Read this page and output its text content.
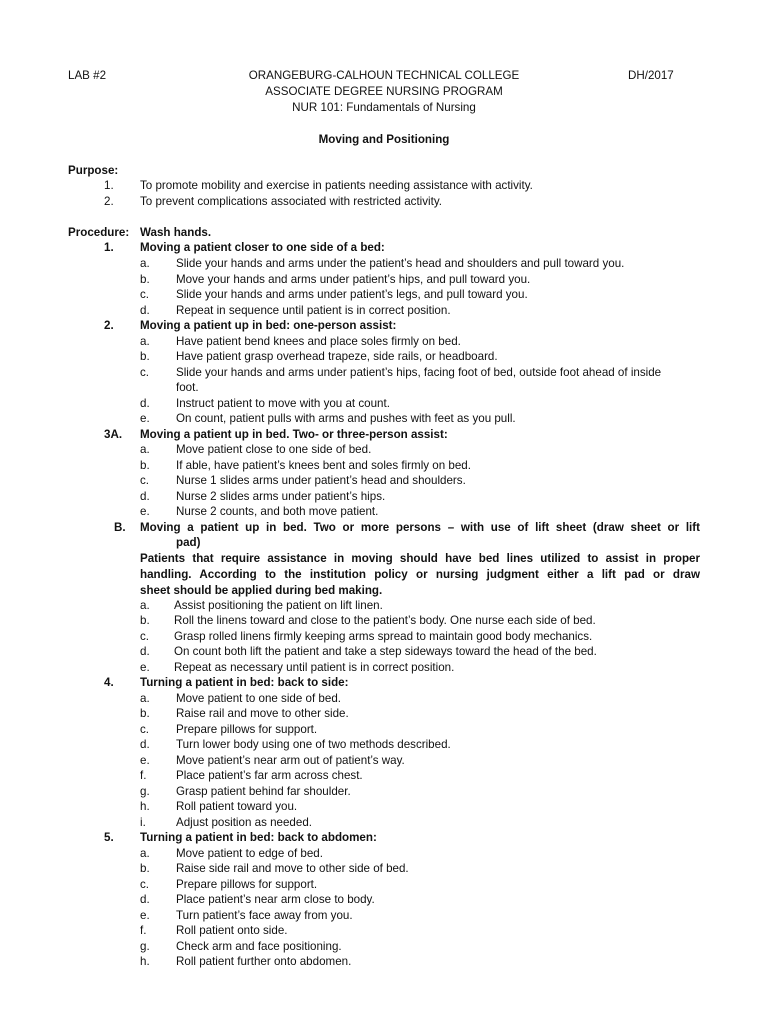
LAB #2	ORANGEBURG-CALHOUN TECHNICAL COLLEGE	DH/2017
ASSOCIATE DEGREE NURSING PROGRAM
NUR 101: Fundamentals of Nursing
Moving and Positioning
Purpose:
1. To promote mobility and exercise in patients needing assistance with activity.
2. To prevent complications associated with restricted activity.
Procedure: Wash hands.
1. Moving a patient closer to one side of a bed:
a. Slide your hands and arms under the patient’s head and shoulders and pull toward you.
b. Move your hands and arms under patient’s hips, and pull toward you.
c. Slide your hands and arms under patient’s legs, and pull toward you.
d. Repeat in sequence until patient is in correct position.
2. Moving a patient up in bed: one-person assist:
a. Have patient bend knees and place soles firmly on bed.
b. Have patient grasp overhead trapeze, side rails, or headboard.
c. Slide your hands and arms under patient’s hips, facing foot of bed, outside foot ahead of inside
foot.
d. Instruct patient to move with you at count.
e. On count, patient pulls with arms and pushes with feet as you pull.
3A. Moving a patient up in bed. Two- or three-person assist:
a. Move patient close to one side of bed.
b. If able, have patient’s knees bent and soles firmly on bed.
c. Nurse 1 slides arms under patient’s head and shoulders.
d. Nurse 2 slides arms under patient’s hips.
e. Nurse 2 counts, and both move patient.
B. Moving a patient up in bed. Two or more persons – with use of lift sheet (draw sheet or lift
pad)
Patients that require assistance in moving should have bed lines utilized to assist in proper
handling. According to the institution policy or nursing judgment either a lift pad or draw
sheet should be applied during bed making.
a. Assist positioning the patient on lift linen.
b. Roll the linens toward and close to the patient’s body. One nurse each side of bed.
c. Grasp rolled linens firmly keeping arms spread to maintain good body mechanics.
d. On count both lift the patient and take a step sideways toward the head of the bed.
e. Repeat as necessary until patient is in correct position.
4. Turning a patient in bed: back to side:
a. Move patient to one side of bed.
b. Raise rail and move to other side.
c. Prepare pillows for support.
d. Turn lower body using one of two methods described.
e. Move patient’s near arm out of patient’s way.
f.	Place patient’s far arm across chest.
g. Grasp patient behind far shoulder.
h. Roll patient toward you.
i.	Adjust position as needed.
5. Turning a patient in bed: back to abdomen:
a. Move patient to edge of bed.
b. Raise side rail and move to other side of bed.
c. Prepare pillows for support.
d. Place patient’s near arm close to body.
e. Turn patient’s face away from you.
f.	Roll patient onto side.
g. Check arm and face positioning.
h. Roll patient further onto abdomen.
